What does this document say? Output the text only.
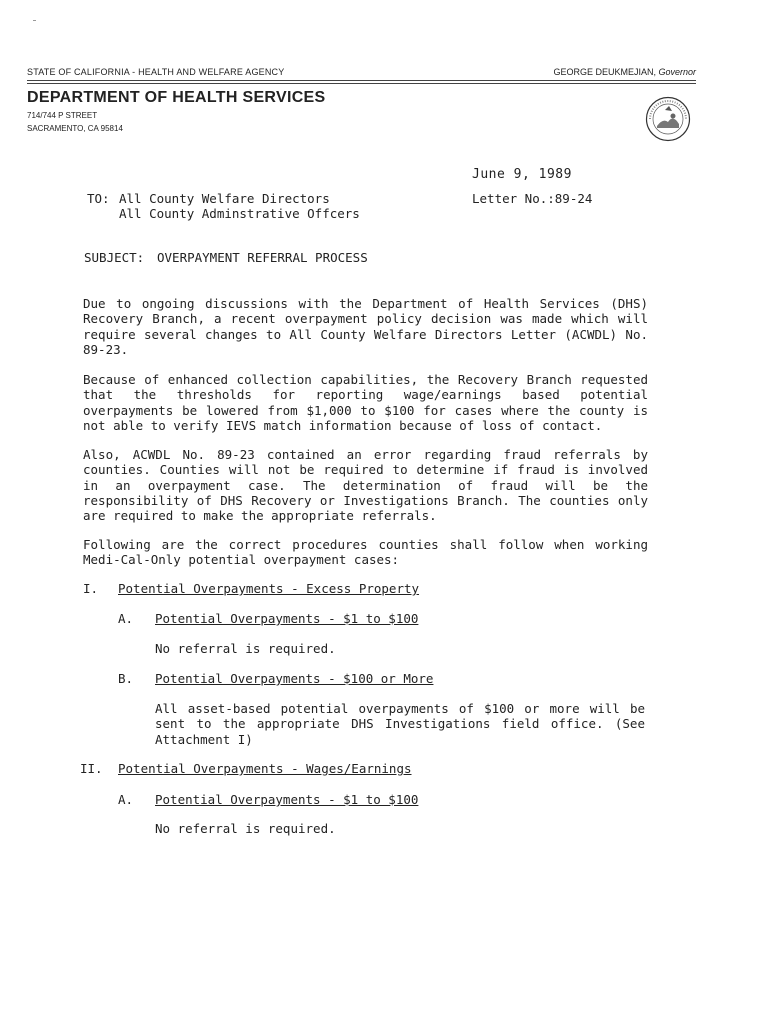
STATE OF CALIFORNIA - HEALTH AND WELFARE AGENCY	GEORGE DEUKMEJIAN, Governor
DEPARTMENT OF HEALTH SERVICES
714/744 P STREET
SACRAMENTO, CA 95814
June 9, 1989
Letter No.:89-24
TO: All County Welfare Directors
All County Adminstrative Offcers
SUBJECT: OVERPAYMENT REFERRAL PROCESS

Due to ongoing discussions with the Department of Health Services (DHS) Recovery Branch, a recent overpayment policy decision was made which will require several changes to All County Welfare Directors Letter (ACWDL) No. 89-23.

Because of enhanced collection capabilities, the Recovery Branch requested that the thresholds for reporting wage/earnings based potential overpayments be lowered from $1,000 to $100 for cases where the county is not able to verify IEVS match information because of loss of contact.

Also, ACWDL No. 89-23 contained an error regarding fraud referrals by counties. Counties will not be required to determine if fraud is involved in an overpayment case. The determination of fraud will be the responsibility of DHS Recovery or Investigations Branch. The counties only are required to make the appropriate referrals.

Following are the correct procedures counties shall follow when working Medi-Cal-Only potential overpayment cases:

I. Potential Overpayments - Excess Property
A. Potential Overpayments - $1 to $100
No referral is required.
B. Potential Overpayments - $100 or More

All asset-based potential overpayments of $100 or more will be sent to the appropriate DHS Investigations field office. (See Attachment I)

II. Potential Overpayments - Wages/Earnings
A. Potential Overpayments - $1 to $100
No referral is required.
